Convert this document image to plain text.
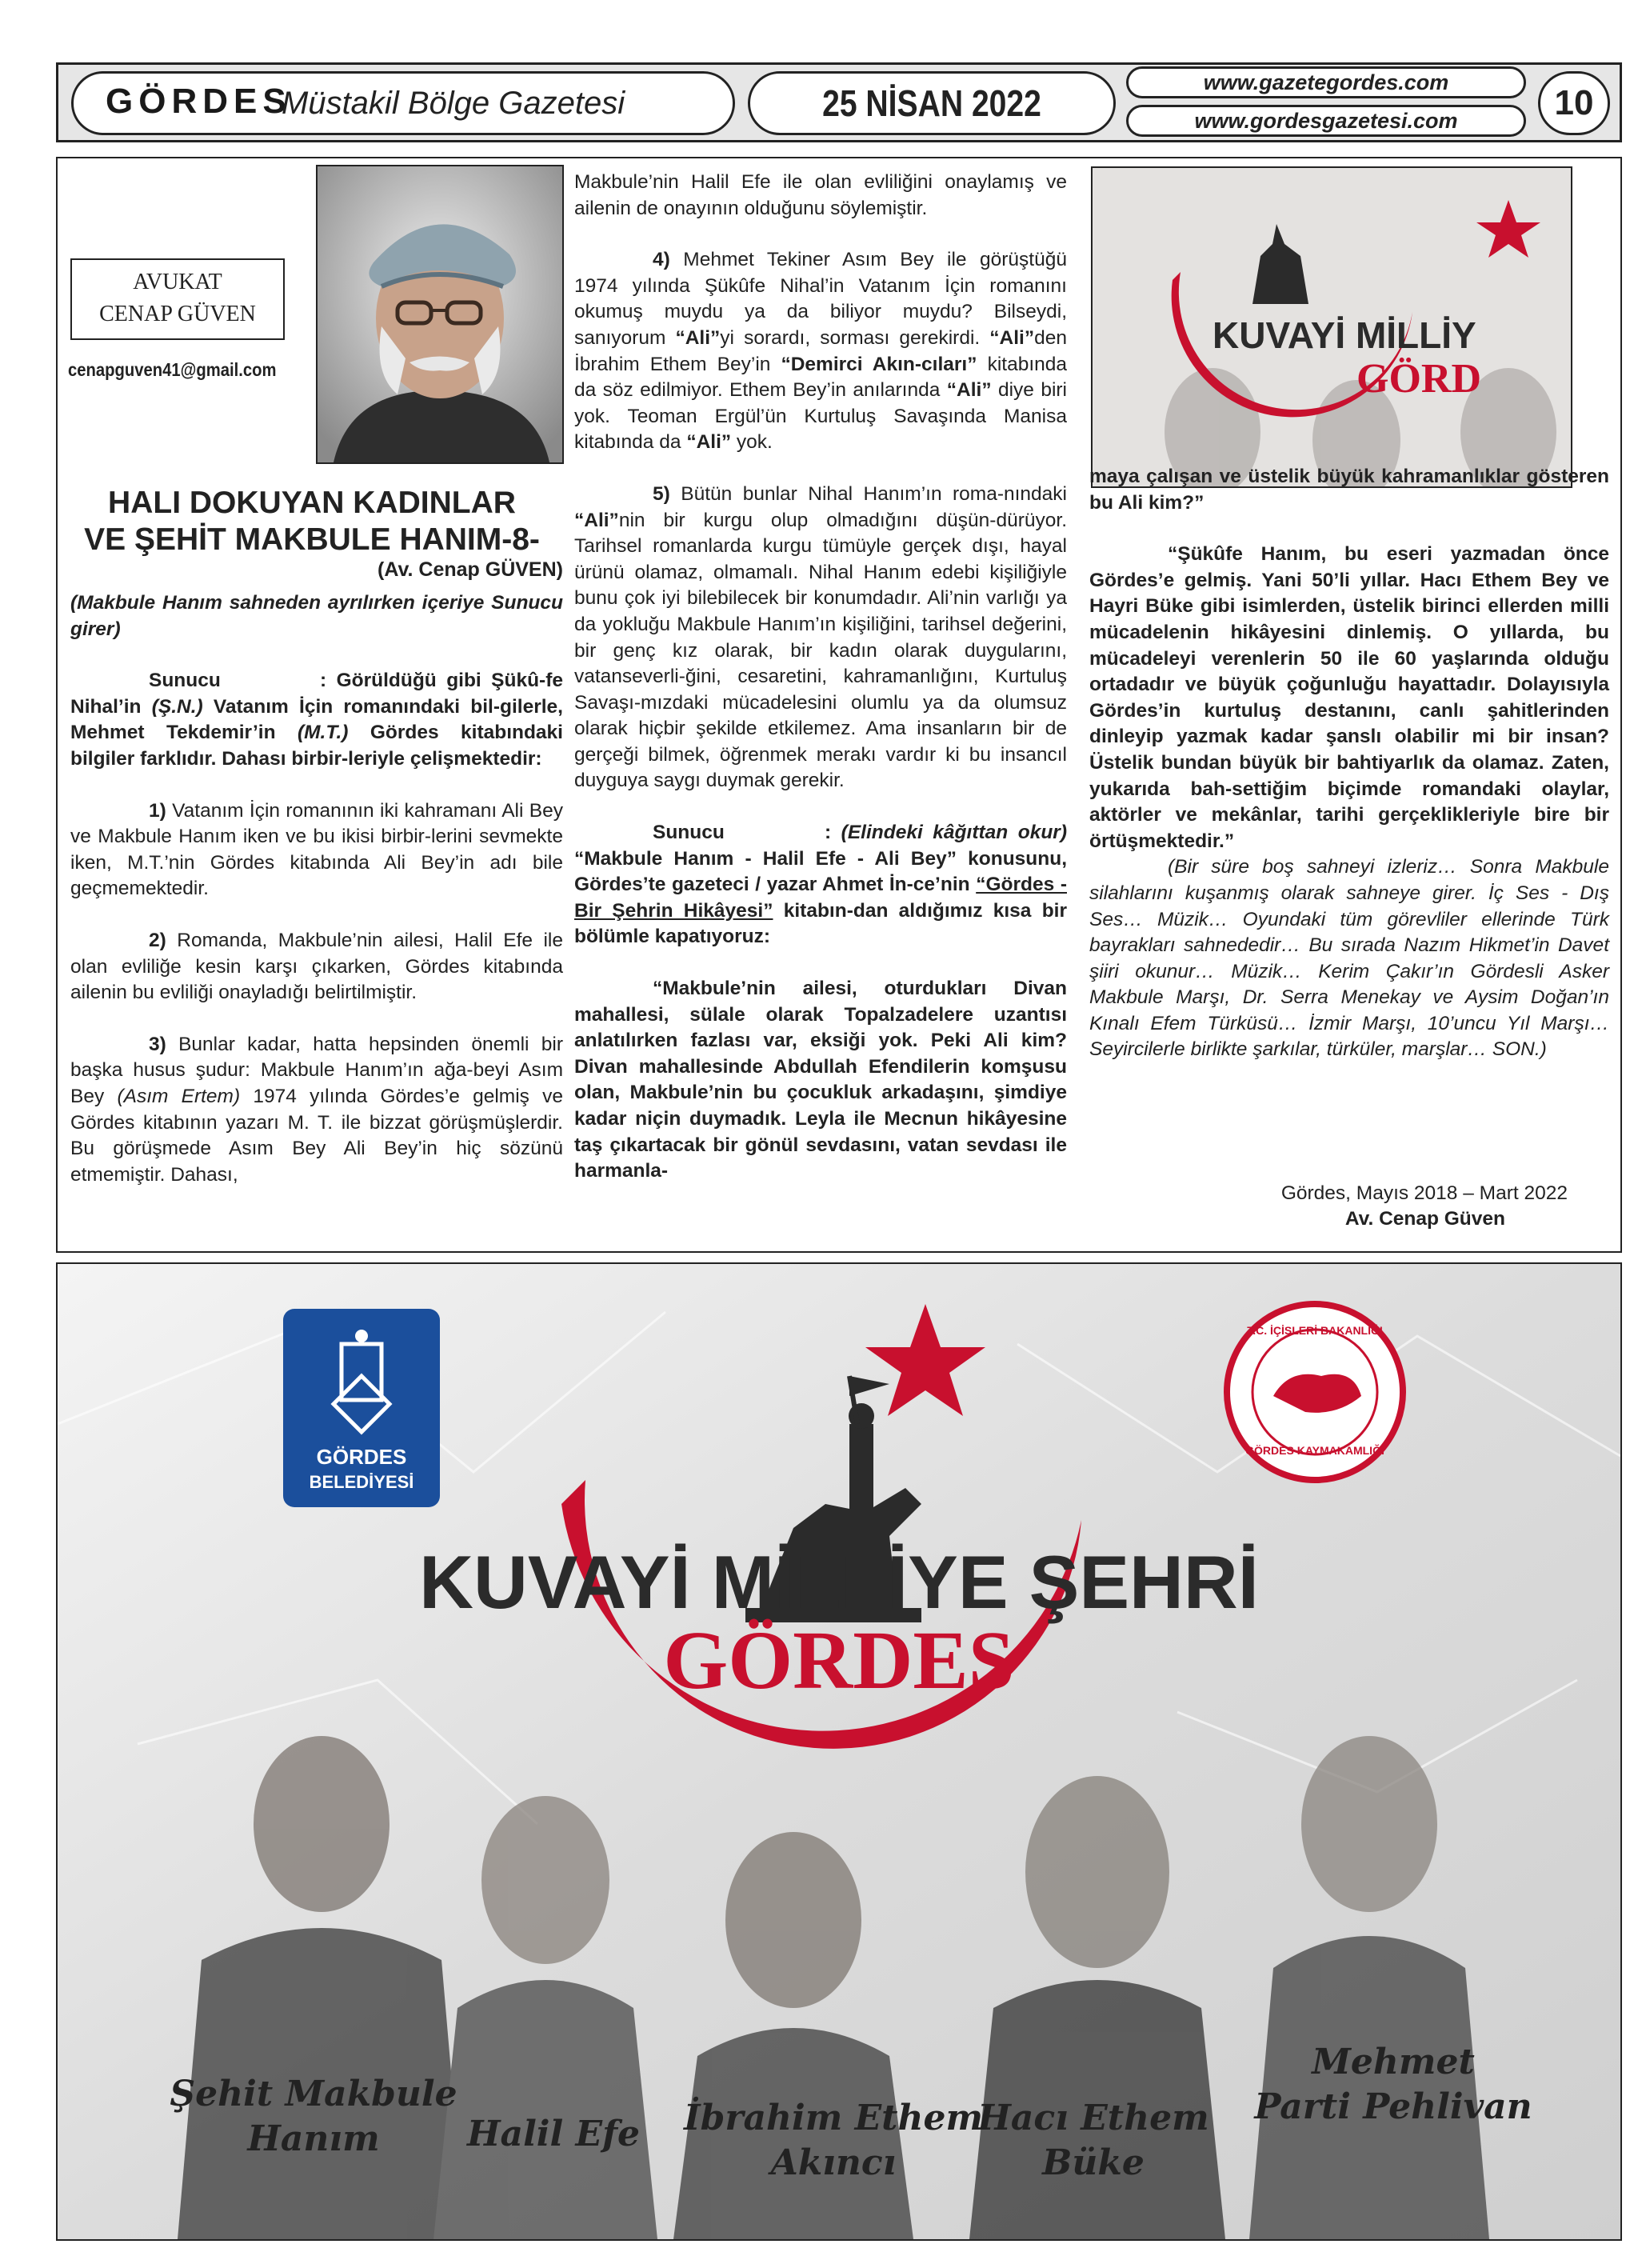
GÖRDES
Müstakil Bölge Gazetesi	25 NİSAN 2022	www.gazetegordes.com
www.gordesgazetesi.com	10
AVUKAT
CENAP GÜVEN
cenapguven41@gmail.com
HALI DOKUYAN KADINLAR
VE ŞEHİT MAKBULE HANIM-8-
(Av. Cenap GÜVEN)

(Makbule Hanım sahneden ayrılırken içeriye Sunucu girer)

Sunucu          : Görüldüğü gibi Şükû-fe Nihal’in (Ş.N.) Vatanım İçin romanındaki bil-gilerle, Mehmet Tekdemir’in (M.T.) Gördes kitabındaki bilgiler farklıdır. Dahası birbir-leriyle çelişmektedir:

1) Vatanım İçin romanının iki kahramanı Ali Bey ve Makbule Hanım iken ve bu ikisi birbir-lerini sevmekte iken, M.T.’nin Gördes kitabında Ali Bey’in adı bile geçmemektedir.

2) Romanda, Makbule’nin ailesi, Halil Efe ile olan evliliğe kesin karşı çıkarken, Gördes kitabında ailenin bu evliliği onayladığı belirtilmiştir.

3) Bunlar kadar, hatta hepsinden önemli bir başka husus şudur: Makbule Hanım’ın ağa-beyi Asım Bey (Asım Ertem) 1974 yılında Gördes’e gelmiş ve Gördes kitabının yazarı M. T. ile bizzat görüşmüşlerdir. Bu görüşmede Asım Bey Ali Bey’in hiç sözünü etmemiştir. Dahası,

Makbule’nin Halil Efe ile olan evliliğini onaylamış ve ailenin de onayının olduğunu söylemiştir.

4) Mehmet Tekiner Asım Bey ile görüştüğü 1974 yılında Şükûfe Nihal’in Vatanım İçin romanını okumuş muydu ya da biliyor muydu? Bilseydi, sanıyorum “Ali”yi sorardı, sorması gerekirdi. “Ali”den İbrahim Ethem Bey’in “Demirci Akın-cıları” kitabında da söz edilmiyor. Ethem Bey’in anılarında “Ali” diye biri yok. Teoman Ergül’ün Kurtuluş Savaşında Manisa kitabında da “Ali” yok.

5) Bütün bunlar Nihal Hanım’ın roma-nındaki “Ali”nin bir kurgu olup olmadığını düşün-dürüyor. Tarihsel romanlarda kurgu tümüyle gerçek dışı, hayal ürünü olamaz, olmamalı. Nihal Hanım edebi kişiliğiyle bunu çok iyi bilebilecek bir konumdadır. Ali’nin varlığı ya da yokluğu Makbule Hanım’ın kişiliğini, tarihsel değerini, bir genç kız olarak, bir kadın olarak duygularını, vatanseverli-ğini, cesaretini, kahramanlığını, Kurtuluş Savaşı-mızdaki mücadelesini olumlu ya da olumsuz olarak hiçbir şekilde etkilemez. Ama insanların bir de gerçeği bilmek, öğrenmek merakı vardır ki bu insancıl duyguya saygı duymak gerekir.

Sunucu          : (Elindeki kâğıttan okur) “Makbule Hanım - Halil Efe - Ali Bey” konusunu, Gördes’te gazeteci / yazar Ahmet İn-ce’nin “Gördes - Bir Şehrin Hikâyesi” kitabın-dan aldığımız kısa bir bölümle kapatıyoruz:

“Makbule’nin ailesi, oturdukları Divan mahallesi, sülale olarak Topalzadelere uzantısı anlatılırken fazlası var, eksiği yok. Peki Ali kim? Divan mahallesinde Abdullah Efendilerin komşusu olan, Makbule’nin bu çocukluk arkadaşını, şimdiye kadar niçin duymadık. Leyla ile Mecnun hikâyesine taş çıkartacak bir gönül sevdasını, vatan sevdası ile harmanla-

KUVAYİ MİLLİY
GÖRD

maya çalışan ve üstelik büyük kahramanlıklar gösteren bu Ali kim?”

“Şükûfe Hanım, bu eseri yazmadan önce Gördes’e gelmiş. Yani 50’li yıllar. Hacı Ethem Bey ve Hayri Büke gibi isimlerden, üstelik birinci ellerden milli mücadelenin hikâyesini dinlemiş. O yıllarda, bu mücadeleyi verenlerin 50 ile 60 yaşlarında olduğu ortadadır ve büyük çoğunluğu hayattadır. Dolayısıyla Gördes’in kurtuluş destanını, canlı şahitlerinden dinleyip yazmak kadar şanslı olabilir mi bir insan? Üstelik bundan büyük bir bahtiyarlık da olamaz. Zaten, yukarıda bah-settiğim biçimde romandaki olaylar, aktörler ve mekânlar, tarihi gerçeklikleriyle bire bir örtüşmektedir.”

(Bir süre boş sahneyi izleriz… Sonra Makbule silahlarını kuşanmış olarak sahneye girer. İç Ses - Dış Ses… Müzik… Oyundaki tüm görevliler ellerinde Türk bayrakları sahnededir… Bu sırada Nazım Hikmet’in Davet şiiri okunur… Müzik… Kerim Çakır’ın Gördesli Asker Makbule Marşı, Dr. Serra Menekay ve Aysim Doğan’ın Kınalı Efem Türküsü… İzmir Marşı, 10’uncu Yıl Marşı… Seyircilerle birlikte şarkılar, türküler, marşlar… SON.)

Gördes, Mayıs 2018 – Mart 2022
Av. Cenap Güven
GÖRDES
BELEDİYESİ
T.C. İÇİŞLERİ BAKANLIĞI
GÖRDES KAYMAKAMLIĞI
KUVAYİ MİLLİYE ŞEHRİ
GÖRDES
Şehit Makbule
Hanım	Halil Efe	İbrahim Ethem
Akıncı
Hacı Ethem
Büke
Mehmet
Parti Pehlivan
